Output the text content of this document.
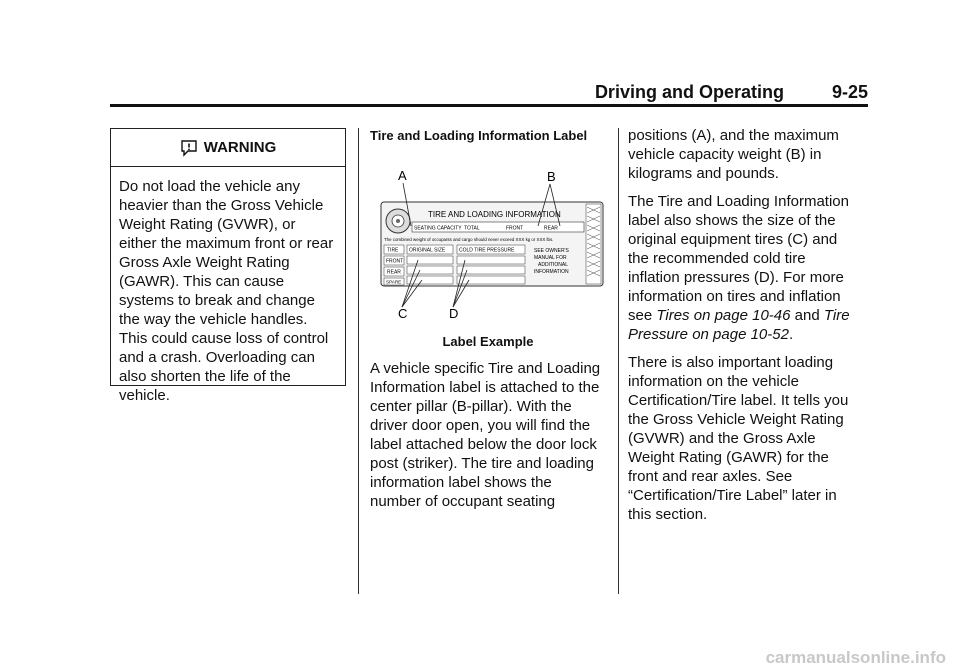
Driving and Operating	9-25
WARNING
Do not load the vehicle any heavier than the Gross Vehicle Weight Rating (GVWR), or either the maximum front or rear Gross Axle Weight Rating (GAWR). This can cause systems to break and change the way the vehicle handles. This could cause loss of control and a crash. Overloading can also shorten the life of the vehicle.
Tire and Loading Information Label
A	B
C	D
TIRE AND LOADING INFORMATION
SEATING CAPACITY TOTAL	FRONT	REAR
The combined weight of occupants and cargo should never exceed XXX kg or XXX lbs.
TIRE
FRONT
REAR
SPARE
ORIGINAL SIZE	COLD TIRE PRESSURE	SEE OWNER'S
MANUAL FOR
ADDITIONAL
INFORMATION
Label Example
A vehicle specific Tire and Loading Information label is attached to the center pillar (B-pillar). With the driver door open, you will find the label attached below the door lock post (striker). The tire and loading information label shows the number of occupant seating

positions (A), and the maximum vehicle capacity weight (B) in kilograms and pounds.

The Tire and Loading Information label also shows the size of the original equipment tires (C) and the recommended cold tire inflation pressures (D). For more information on tires and inflation see Tires on page 10-46 and Tire Pressure on page 10-52.

There is also important loading information on the vehicle Certification/Tire label. It tells you the Gross Vehicle Weight Rating (GVWR) and the Gross Axle Weight Rating (GAWR) for the front and rear axles. See “Certification/Tire Label” later in this section.

carmanualsonline.info
